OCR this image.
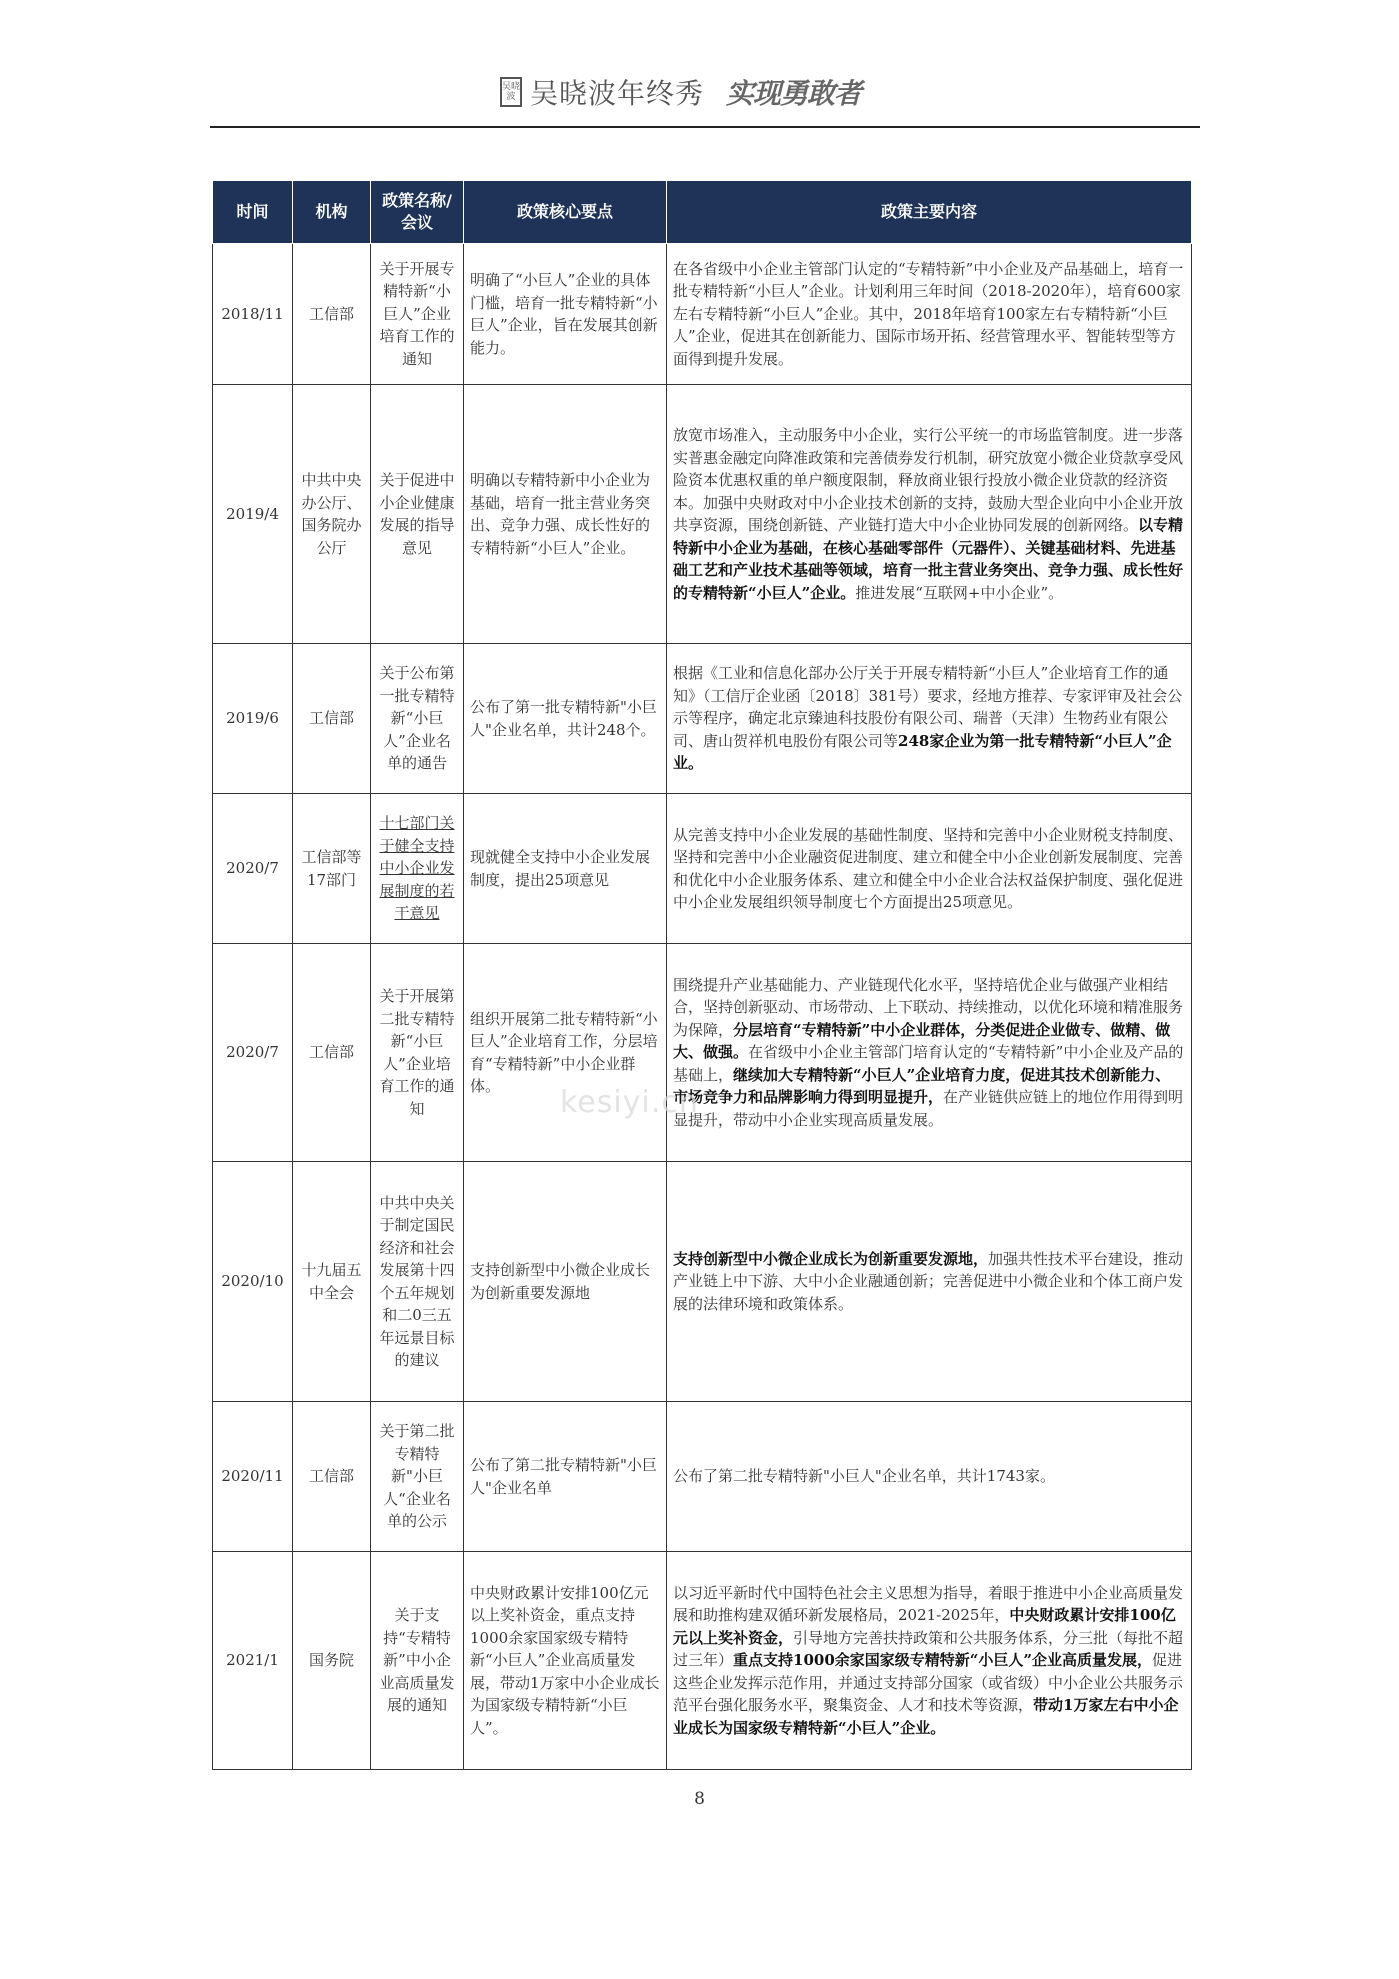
吴晓
波 吴晓波年终秀 实现勇敢者
时间	机构	政策名称/会议	政策核心要点	政策主要内容
2018/11	工信部	关于开展专精特新“小巨人”企业培育工作的通知	明确了“小巨人”企业的具体门槛，培育一批专精特新“小巨人”企业，旨在发展其创新能力。	在各省级中小企业主管部门认定的“专精特新”中小企业及产品基础上，培育一批专精特新“小巨人”企业。计划利用三年时间（2018-2020年），培育600家左右专精特新“小巨人”企业。其中，2018年培育100家左右专精特新“小巨人”企业，促进其在创新能力、国际市场开拓、经营管理水平、智能转型等方面得到提升发展。
2019/4	中共中央办公厅、国务院办公厅	关于促进中小企业健康发展的指导意见	明确以专精特新中小企业为基础，培育一批主营业务突出、竞争力强、成长性好的专精特新“小巨人”企业。	放宽市场准入，主动服务中小企业，实行公平统一的市场监管制度。进一步落实普惠金融定向降准政策和完善债券发行机制，研究放宽小微企业贷款享受风险资本优惠权重的单户额度限制，释放商业银行投放小微企业贷款的经济资本。加强中央财政对中小企业技术创新的支持，鼓励大型企业向中小企业开放共享资源，围绕创新链、产业链打造大中小企业协同发展的创新网络。以专精特新中小企业为基础，在核心基础零部件（元器件）、关键基础材料、先进基础工艺和产业技术基础等领域，培育一批主营业务突出、竞争力强、成长性好的专精特新“小巨人”企业。推进发展“互联网+中小企业”。
2019/6	工信部	关于公布第一批专精特新“小巨人”企业名单的通告	公布了第一批专精特新"小巨人"企业名单，共计248个。	根据《工业和信息化部办公厅关于开展专精特新“小巨人”企业培育工作的通知》（工信厅企业函〔2018〕381号）要求，经地方推荐、专家评审及社会公示等程序，确定北京臻迪科技股份有限公司、瑞普（天津）生物药业有限公司、唐山贺祥机电股份有限公司等248家企业为第一批专精特新“小巨人”企业。
2020/7	工信部等17部门	十七部门关于健全支持中小企业发展制度的若干意见	现就健全支持中小企业发展制度，提出25项意见	从完善支持中小企业发展的基础性制度、坚持和完善中小企业财税支持制度、坚持和完善中小企业融资促进制度、建立和健全中小企业创新发展制度、完善和优化中小企业服务体系、建立和健全中小企业合法权益保护制度、强化促进中小企业发展组织领导制度七个方面提出25项意见。
2020/7	工信部	关于开展第二批专精特新“小巨人”企业培育工作的通知	组织开展第二批专精特新“小巨人”企业培育工作，分层培育“专精特新”中小企业群体。	围绕提升产业基础能力、产业链现代化水平，坚持培优企业与做强产业相结合，坚持创新驱动、市场带动、上下联动、持续推动，以优化环境和精准服务为保障，分层培育“专精特新”中小企业群体，分类促进企业做专、做精、做大、做强。在省级中小企业主管部门培育认定的“专精特新”中小企业及产品的基础上，继续加大专精特新“小巨人”企业培育力度，促进其技术创新能力、市场竞争力和品牌影响力得到明显提升，在产业链供应链上的地位作用得到明显提升，带动中小企业实现高质量发展。
2020/10	十九届五中全会	中共中央关于制定国民经济和社会发展第十四个五年规划和二0三五年远景目标的建议	支持创新型中小微企业成长为创新重要发源地	支持创新型中小微企业成长为创新重要发源地，加强共性技术平台建设，推动产业链上中下游、大中小企业融通创新；完善促进中小微企业和个体工商户发展的法律环境和政策体系。
2020/11	工信部	关于第二批专精特新"小巨人“企业名单的公示	公布了第二批专精特新"小巨人"企业名单	公布了第二批专精特新"小巨人"企业名单，共计1743家。
2021/1	国务院	关于支持“专精特新”中小企业高质量发展的通知	中央财政累计安排100亿元以上奖补资金，重点支持1000余家国家级专精特新“小巨人”企业高质量发展，带动1万家中小企业成长为国家级专精特新“小巨人”。	以习近平新时代中国特色社会主义思想为指导，着眼于推进中小企业高质量发展和助推构建双循环新发展格局，2021-2025年，中央财政累计安排100亿元以上奖补资金，引导地方完善扶持政策和公共服务体系，分三批（每批不超过三年）重点支持1000余家国家级专精特新“小巨人”企业高质量发展，促进这些企业发挥示范作用，并通过支持部分国家（或省级）中小企业公共服务示范平台强化服务水平，聚集资金、人才和技术等资源，带动1万家左右中小企业成长为国家级专精特新“小巨人”企业。
kesiyi.cn
8
